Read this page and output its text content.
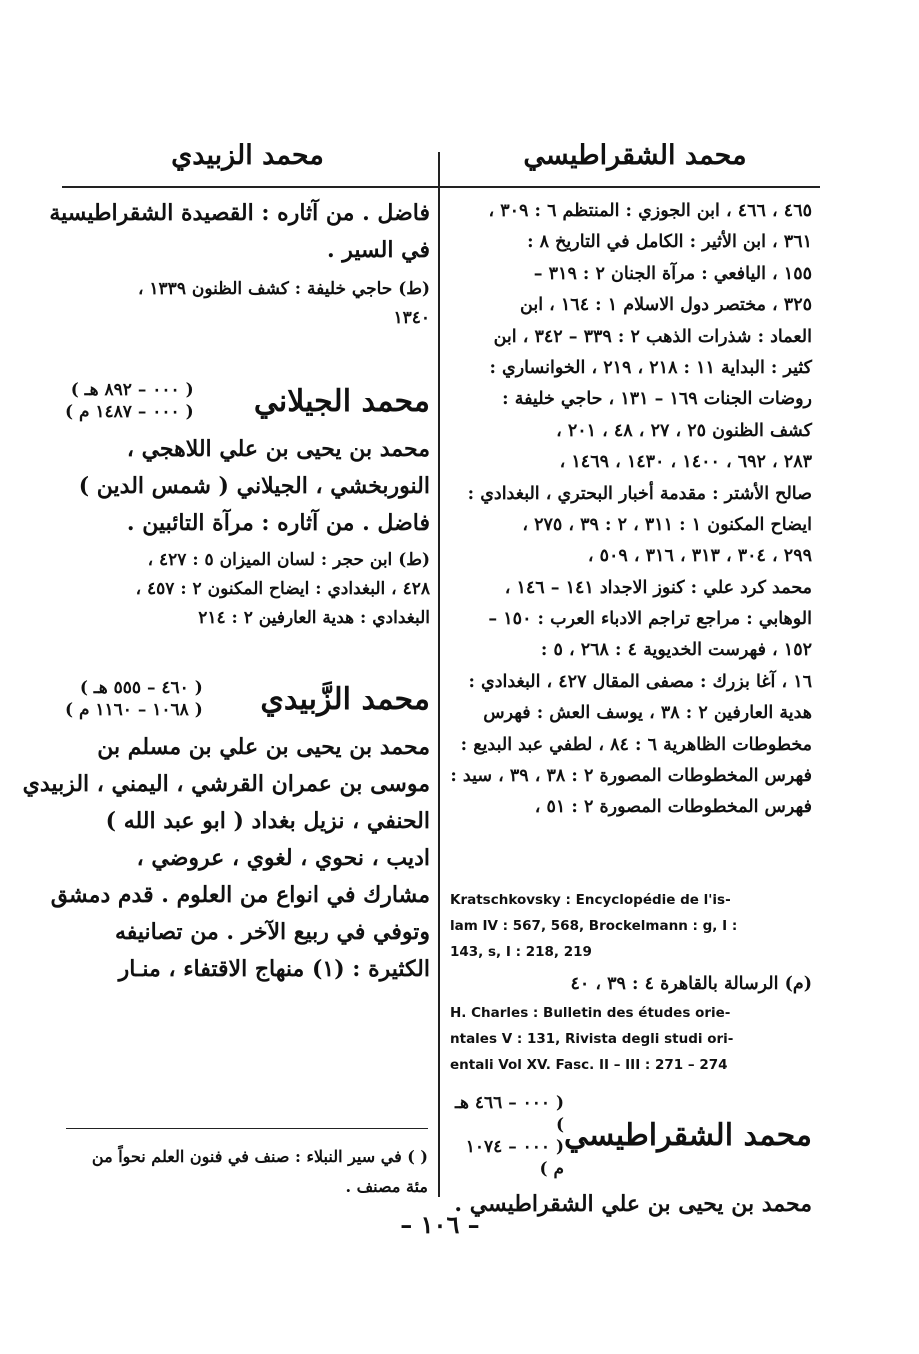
محمد الشقراطيسي
محمد الزبيدي
٤٦٥ ، ٤٦٦ ، ابن الجوزي : المنتظم ٦ : ٣٠٩ ،
٣٦١ ، ابن الأثير : الكامل في التاريخ ٨ :
١٥٥ ، اليافعي : مرآة الجنان ٢ : ٣١٩ –
٣٢٥ ، مختصر دول الاسلام ١ : ١٦٤ ، ابن
العماد : شذرات الذهب ٢ : ٣٣٩ – ٣٤٢ ، ابن
كثير : البداية ١١ : ٢١٨ ، ٢١٩ ، الخوانساري :
روضات الجنات ١٦٩ – ١٣١ ، حاجي خليفة :
كشف الظنون ٢٥ ، ٢٧ ، ٤٨ ، ٢٠١ ،
٢٨٣ ، ٦٩٢ ، ١٤٠٠ ، ١٤٣٠ ، ١٤٦٩ ،
صالح الأشتر : مقدمة أخبار البحتري ، البغدادي :
ايضاح المكنون ١ : ٣١١ ، ٢ : ٣٩ ، ٢٧٥ ،
٢٩٩ ، ٣٠٤ ، ٣١٣ ، ٣١٦ ، ٥٠٩ ،
محمد كرد علي : كنوز الاجداد ١٤١ – ١٤٦ ،
الوهابي : مراجع تراجم الادباء العرب : ١٥٠ –
١٥٢ ، فهرست الخديوية ٤ : ٢٦٨ ، ٥ :
١٦ ، آغا بزرك : مصفى المقال ٤٢٧ ، البغدادي :
هدية العارفين ٢ : ٣٨ ، يوسف العش : فهرس
مخطوطات الظاهرية ٦ : ٨٤ ، لطفي عبد البديع :
فهرس المخطوطات المصورة ٢ : ٣٨ ، ٣٩ ، سيد :
فهرس المخطوطات المصورة ٢ : ٥١ ،
Kratschkovsky : Encyclopédie de l'is-
lam IV : 567, 568, Brockelmann : g, I :
143, s, I : 218, 219
(م) الرسالة بالقاهرة ٤ : ٣٩ ، ٤٠
H. Charles : Bulletin des études orie-
ntales V : 131, Rivista degli studi ori-
entali Vol XV. Fasc. II – III : 271 – 274
محمد الشقراطيسي
( ٠٠٠ – ٤٦٦ هـ )
( ٠٠٠ – ١٠٧٤ م )
محمد بن يحيى بن علي الشقراطيسي .
فاضل . من آثاره : القصيدة الشقراطيسية
في السير .
(ط) حاجي خليفة : كشف الظنون ١٣٣٩ ،
١٣٤٠
محمد الجيلاني
( ٠٠٠ – ٨٩٢ هـ )
( ٠٠٠ – ١٤٨٧ م )
محمد بن يحيى بن علي اللاهجي ،
النوربخشي ، الجيلاني ( شمس الدين )
فاضل . من آثاره : مرآة التائبين .
(ط) ابن حجر : لسان الميزان ٥ : ٤٢٧ ،
٤٢٨ ، البغدادي : ايضاح المكنون ٢ : ٤٥٧ ،
البغدادي : هدية العارفين ٢ : ٢١٤
محمد الزَّبيدي
( ٤٦٠ – ٥٥٥ هـ )
( ١٠٦٨ – ١١٦٠ م )
محمد بن يحيى بن علي بن مسلم بن
موسى بن عمران القرشي ، اليمني ، الزبيدي
الحنفي ، نزيل بغداد ( ابو عبد الله )
اديب ، نحوي ، لغوي ، عروضي ،
مشارك في انواع من العلوم . قدم دمشق
وتوفي في ربيع الآخر . من تصانيفه
الكثيرة : (١) منهاج الاقتفاء ، منـار
( ) في سير النبلاء : صنف في فنون العلم نحواً من
مئة مصنف .
– ١٠٦ –
